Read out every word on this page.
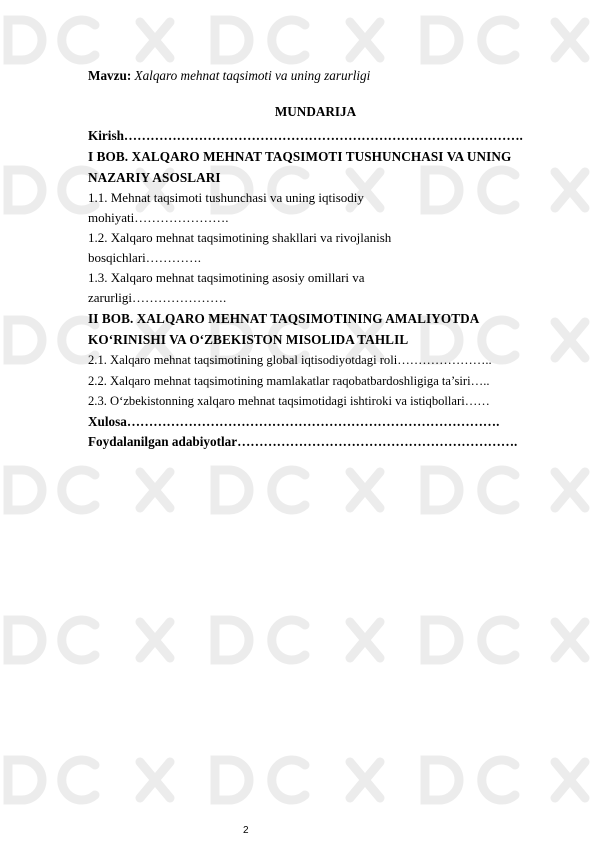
Mavzu: Xalqaro mehnat taqsimoti va uning zarurligi
MUNDARIJA
Kirish……………………………………………………………………………….
I BOB. XALQARO MEHNAT TAQSIMOTI TUSHUNCHASI VA UNING NAZARIY ASOSLARI
1.1. Mehnat taqsimoti tushunchasi va uning iqtisodiy
mohiyati………………….
1.2. Xalqaro mehnat taqsimotining shakllari va rivojlanish
bosqichlari………….
1.3. Xalqaro mehnat taqsimotining asosiy omillari va
zarurligi………………….
II BOB. XALQARO MEHNAT TAQSIMOTINING AMALIYOTDA KO‘RINISHI VA O‘ZBEKISTON MISOLIDA TAHLIL
2.1. Xalqaro mehnat taqsimotining global iqtisodiyotdagi roli…………………..
2.2. Xalqaro mehnat taqsimotining mamlakatlar raqobatbardoshligiga ta’siri…..
2.3. O‘zbekistonning xalqaro mehnat taqsimotidagi ishtiroki va istiqbollari……
Xulosa………………………………………………………………………….
Foydalanilgan adabiyotlar……………………………………………………….
2
